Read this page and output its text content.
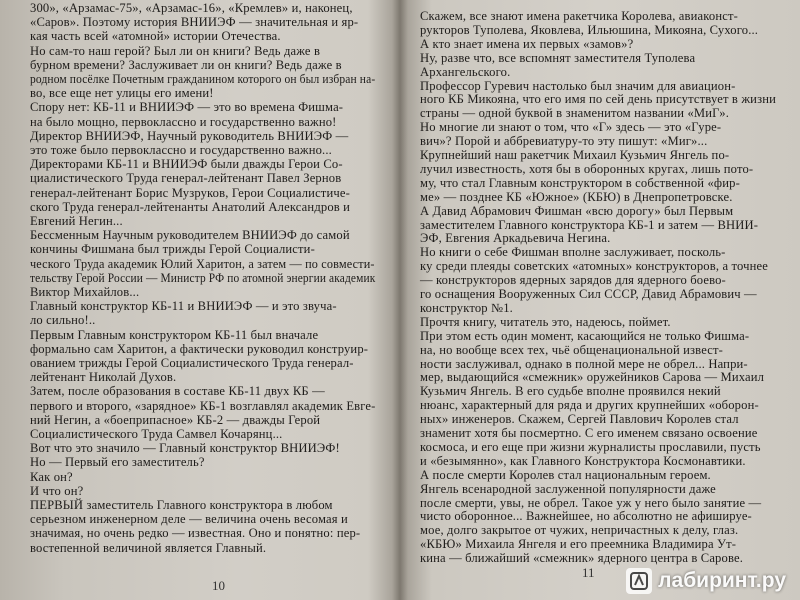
300», «Арзамас-75», «Арзамас-16», «Кремлев» и, наконец,
«Саров». Поэтому история ВНИИЭФ — значительная и яр-
кая часть всей «атомной» истории Отечества.
Но сам-то наш герой? Был ли он книги? Ведь даже в
бурном времени? Заслуживает ли он книги? Ведь даже в
родном посёлке Почетным гражданином которого он был избран на-
во, все еще нет улицы его имени!
Спору нет: КБ-11 и ВНИИЭФ — это во времена Фишма-
на было мощно, первоклассно и государственно важно!
Директор ВНИИЭФ, Научный руководитель ВНИИЭФ —
это тоже было первоклассно и государственно важно...
Директорами КБ-11 и ВНИИЭФ были дважды Герои Со-
циалистического Труда генерал-лейтенант Павел Зернов
генерал-лейтенант Борис Музруков, Герои Социалистиче-
ского Труда генерал-лейтенанты Анатолий Александров и
Евгений Негин...
Бессменным Научным руководителем ВНИИЭФ до самой
кончины Фишмана был трижды Герой Социалисти-
ческого Труда академик Юлий Харитон, а затем — по совмести-
тельству Герой России — Министр РФ по атомной энергии академик
Виктор Михайлов...
Главный конструктор КБ-11 и ВНИИЭФ — и это звуча-
ло сильно!..
Первым Главным конструктором КБ-11 был вначале
формально сам Харитон, а фактически руководил конструир-
ованием трижды Герой Социалистического Труда генерал-
лейтенант Николай Духов.
Затем, после образования в составе КБ-11 двух КБ —
первого и второго, «зарядное» КБ-1 возглавлял академик Евге-
ний Негин, а «боеприпасное» КБ-2 — дважды Герой
Социалистического Труда Самвел Кочарянц...
Вот что это значило — Главный конструктор ВНИИЭФ!
Но — Первый его заместитель?
Как он?
И что он?
ПЕРВЫЙ заместитель Главного конструктора в любом
серьезном инженерном деле — величина очень весомая и
значимая, но очень редко — известная. Оно и понятно: пер-
востепенной величиной является Главный.
10
Скажем, все знают имена ракетчика Королева, авиаконст-
рукторов Туполева, Яковлева, Ильюшина, Микояна, Сухого...
А кто знает имена их первых «замов»?
Ну, разве что, все вспомнят заместителя Туполева
Архангельского.
Профессор Гуревич настолько был значим для авиацион-
ного КБ Микояна, что его имя по сей день присутствует в жизни
страны — одной буквой в знаменитом названии «МиГ».
Но многие ли знают о том, что «Г» здесь — это «Гуре-
вич»? Порой и аббревиатуру-то эту пишут: «Миг»...
Крупнейший наш ракетчик Михаил Кузьмич Янгель по-
лучил известность, хотя бы в оборонных кругах, лишь пото-
му, что стал Главным конструктором в собственной «фир-
ме» — позднее КБ «Южное» (КБЮ) в Днепропетровске.
А Давид Абрамович Фишман «всю дорогу» был Первым
заместителем Главного конструктора КБ-1 и затем — ВНИИ-
ЭФ, Евгения Аркадьевича Негина.
Но книги о себе Фишман вполне заслуживает, посколь-
ку среди плеяды советских «атомных» конструкторов, а точнее
— конструкторов ядерных зарядов для ядерного боево-
го оснащения Вооруженных Сил СССР, Давид Абрамович —
конструктор №1.
Прочтя книгу, читатель это, надеюсь, поймет.
При этом есть один момент, касающийся не только Фишма-
на, но вообще всех тех, чьё общенациональной извест-
ности заслуживал, однако в полной мере не обрел... Напри-
мер, выдающийся «смежник» оружейников Сарова — Михаил
Кузьмич Янгель. В его судьбе вполне проявился некий
нюанс, характерный для ряда и других крупнейших «оборон-
ных» инженеров. Скажем, Сергей Павлович Королев стал
знаменит хотя бы посмертно. С его именем связано освоение
космоса, и его еще при жизни журналисты прославили, пусть
и «безымянно», как Главного Конструктора Космонавтики.
А после смерти Королев стал национальным героем.
Янгель всенародной заслуженной популярности даже
после смерти, увы, не обрел. Такое уж у него было занятие —
чисто оборонное... Важнейшее, но абсолютно не афишируе-
мое, долго закрытое от чужих, непричастных к делу, глаз.
«КБЮ» Михаила Янгеля и его преемника Владимира Ут-
кина — ближайший «смежник» ядерного центра в Сарове.
11	лабиринт.ру
